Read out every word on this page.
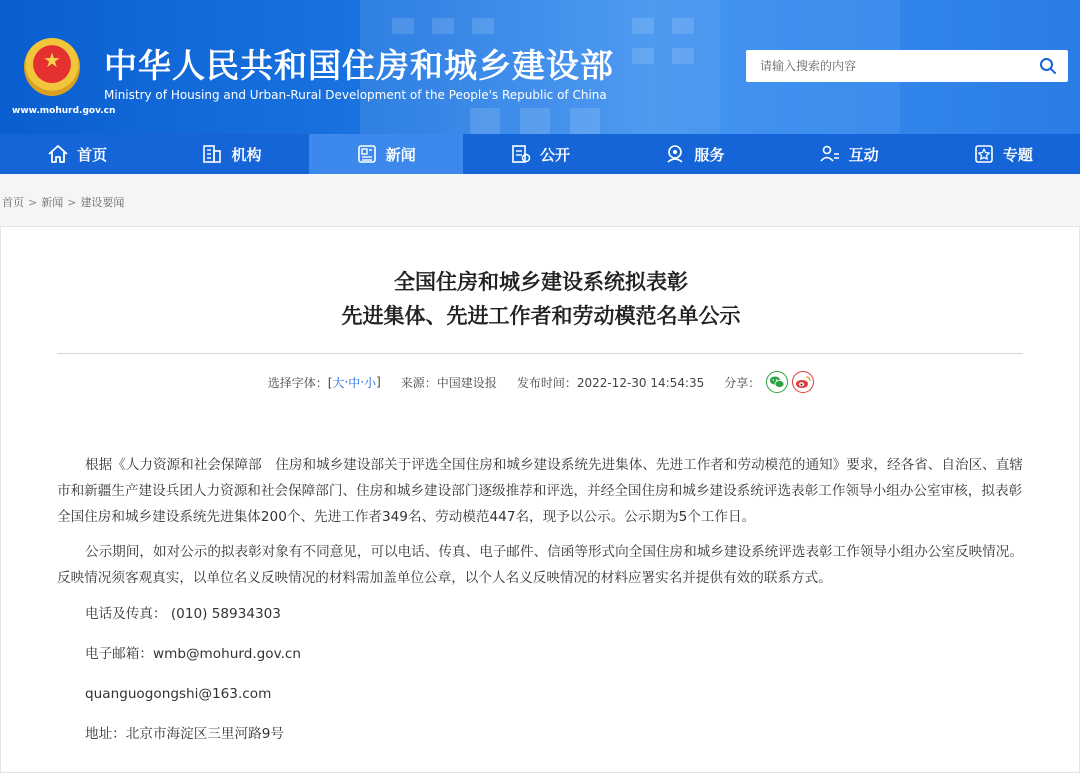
★
www.mohurd.gov.cn
中华人民共和国住房和城乡建设部
Ministry of Housing and Urban-Rural Development of the People's Republic of China
请输入搜索的内容
首页	机构	新闻	公开	服务	互动	专题
首页 > 新闻 > 建设要闻
全国住房和城乡建设系统拟表彰
先进集体、先进工作者和劳动模范名单公示
选择字体：[ 大 · 中 · 小 ] 来源：中国建设报 发布时间：2022-12-30 14:54:35 分享：

根据《人力资源和社会保障部　住房和城乡建设部关于评选全国住房和城乡建设系统先进集体、先进工作者和劳动模范的通知》要求，经各省、自治区、直辖市和新疆生产建设兵团人力资源和社会保障部门、住房和城乡建设部门逐级推荐和评选，并经全国住房和城乡建设系统评选表彰工作领导小组办公室审核，拟表彰全国住房和城乡建设系统先进集体200个、先进工作者349名、劳动模范447名，现予以公示。公示期为5个工作日。

公示期间，如对公示的拟表彰对象有不同意见，可以电话、传真、电子邮件、信函等形式向全国住房和城乡建设系统评选表彰工作领导小组办公室反映情况。反映情况须客观真实，以单位名义反映情况的材料需加盖单位公章，以个人名义反映情况的材料应署实名并提供有效的联系方式。

电话及传真： (010) 58934303
电子邮箱：wmb@mohurd.gov.cn
quanguogongshi@163.com
地址：北京市海淀区三里河路9号
